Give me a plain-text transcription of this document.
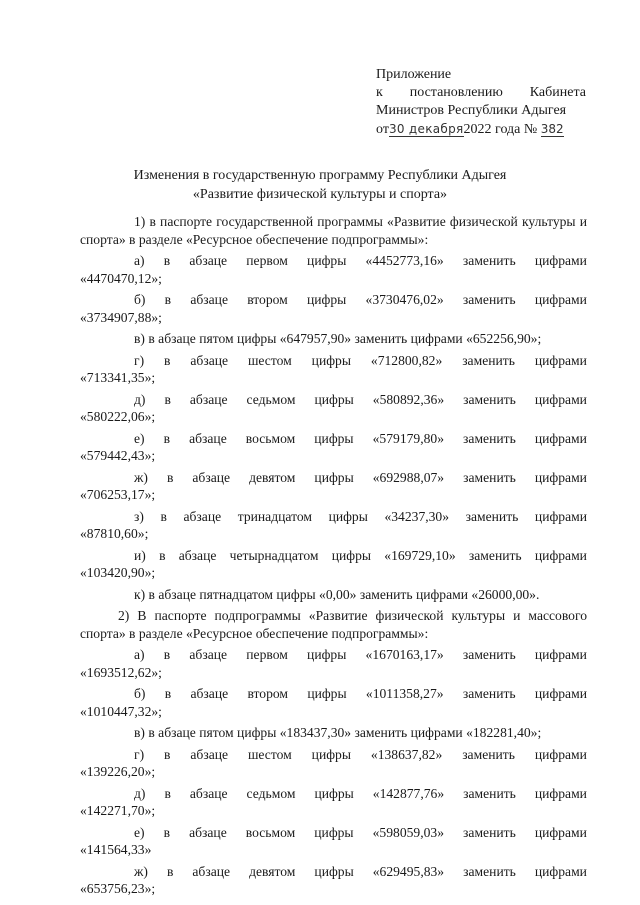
Приложение
к постановлению Кабинета
Министров Республики Адыгея
от30 декабря2022 года № 382
Изменения в государственную программу Республики Адыгея
«Развитие физической культуры и спорта»

1) в паспорте государственной программы «Развитие физической культуры и спорта» в разделе «Ресурсное обеспечение подпрограммы»:

а) в абзаце первом цифры «4452773,16» заменить цифрами
«4470470,12»;
б) в абзаце втором цифры «3730476,02» заменить цифрами
«3734907,88»;
в) в абзаце пятом цифры «647957,90» заменить цифрами «652256,90»;
г) в абзаце шестом цифры «712800,82» заменить цифрами
«713341,35»;
д) в абзаце седьмом цифры «580892,36» заменить цифрами
«580222,06»;
е) в абзаце восьмом цифры «579179,80» заменить цифрами
«579442,43»;
ж) в абзаце девятом цифры «692988,07» заменить цифрами
«706253,17»;
з) в абзаце тринадцатом цифры «34237,30» заменить цифрами
«87810,60»;
и) в абзаце четырнадцатом цифры «169729,10» заменить цифрами
«103420,90»;
к) в абзаце пятнадцатом цифры «0,00» заменить цифрами «26000,00».

2) В паспорте подпрограммы «Развитие физической культуры и массового спорта» в разделе «Ресурсное обеспечение подпрограммы»:

а) в абзаце первом цифры «1670163,17» заменить цифрами
«1693512,62»;
б) в абзаце втором цифры «1011358,27» заменить цифрами
«1010447,32»;
в) в абзаце пятом цифры «183437,30» заменить цифрами «182281,40»;
г) в абзаце шестом цифры «138637,82» заменить цифрами
«139226,20»;
д) в абзаце седьмом цифры «142877,76» заменить цифрами
«142271,70»;
е) в абзаце восьмом цифры «598059,03» заменить цифрами
«141564,33»
ж) в абзаце девятом цифры «629495,83» заменить цифрами
«653756,23»;
